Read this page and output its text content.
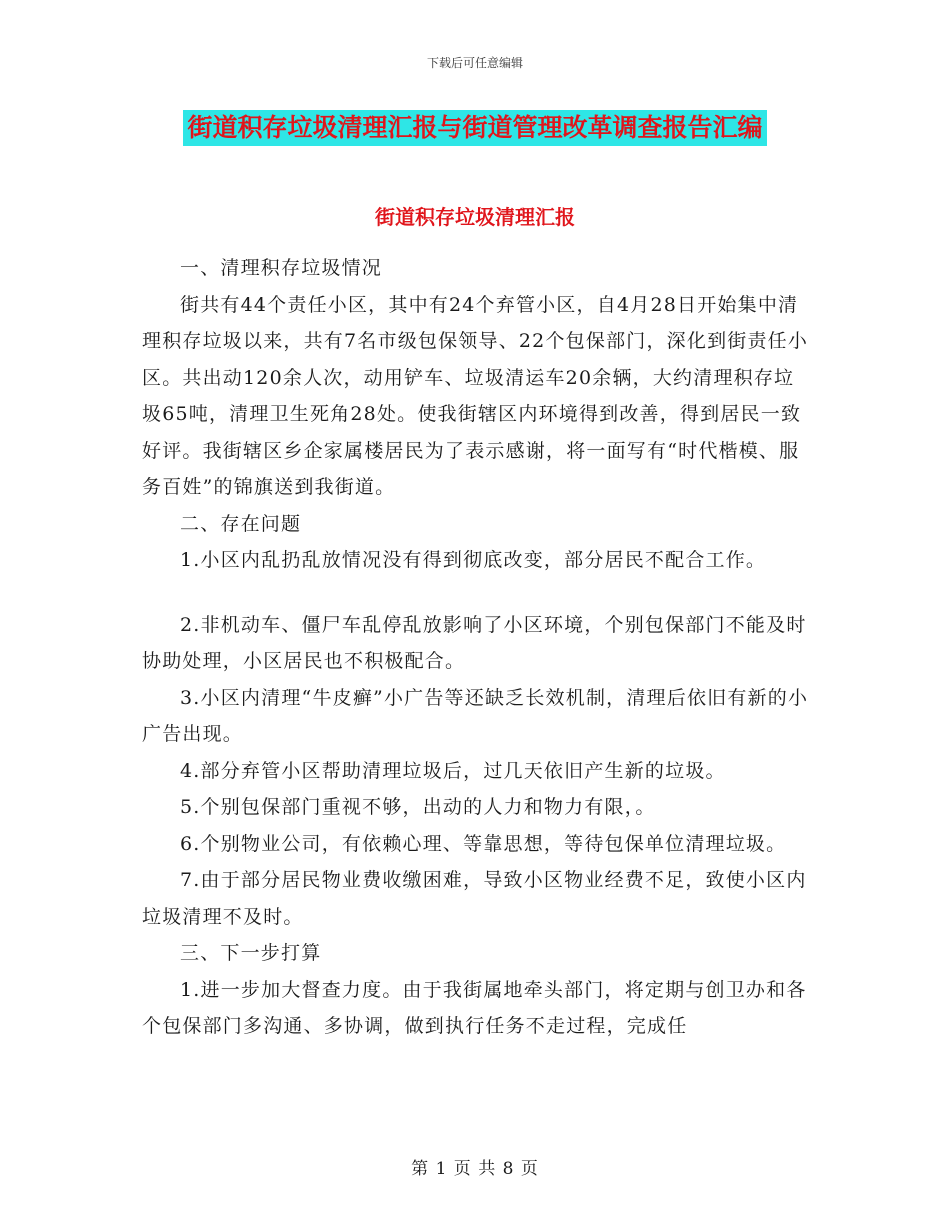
下载后可任意编辑
街道积存垃圾清理汇报与街道管理改革调查报告汇编
街道积存垃圾清理汇报

一、清理积存垃圾情况

街共有44个责任小区，其中有24个弃管小区，自4月28日开始集中清理积存垃圾以来，共有7名市级包保领导、22个包保部门，深化到街责任小区。共出动120余人次，动用铲车、垃圾清运车20余辆，大约清理积存垃圾65吨，清理卫生死角28处。使我街辖区内环境得到改善，得到居民一致好评。我街辖区乡企家属楼居民为了表示感谢，将一面写有“时代楷模、服务百姓”的锦旗送到我街道。

二、存在问题

1.小区内乱扔乱放情况没有得到彻底改变，部分居民不配合工作。

2.非机动车、僵尸车乱停乱放影响了小区环境，个别包保部门不能及时协助处理，小区居民也不积极配合。

3.小区内清理“牛皮癣”小广告等还缺乏长效机制，清理后依旧有新的小广告出现。

4.部分弃管小区帮助清理垃圾后，过几天依旧产生新的垃圾。

5.个别包保部门重视不够，出动的人力和物力有限，。

6.个别物业公司，有依赖心理、等靠思想，等待包保单位清理垃圾。

7.由于部分居民物业费收缴困难，导致小区物业经费不足，致使小区内垃圾清理不及时。

三、下一步打算

1.进一步加大督查力度。由于我街属地牵头部门，将定期与创卫办和各个包保部门多沟通、多协调，做到执行任务不走过程，完成任

第 1 页 共 8 页
